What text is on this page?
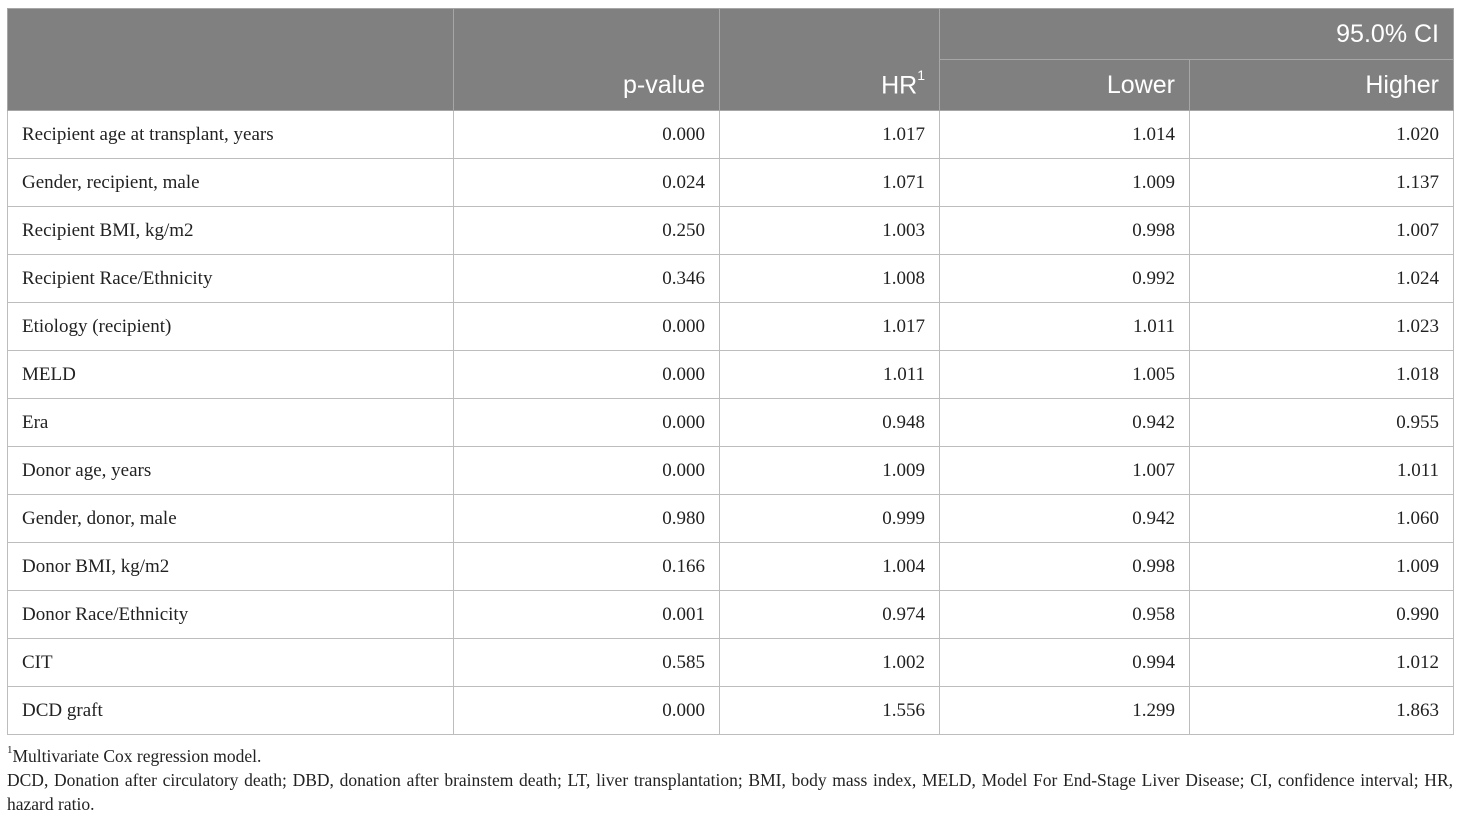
	p-value	$HR^1$	95.0% CI	
			Lower	Higher
Recipient age at transplant, years	0.000	1.017	1.014	1.020
Gender, recipient, male	0.024	1.071	1.009	1.137
Recipient BMI, kg/m2	0.250	1.003	0.998	1.007
Recipient Race/Ethnicity	0.346	1.008	0.992	1.024
Etiology (recipient)	0.000	1.017	1.011	1.023
MELD	0.000	1.011	1.005	1.018
Era	0.000	0.948	0.942	0.955
Donor age, years	0.000	1.009	1.007	1.011
Gender, donor, male	0.980	0.999	0.942	1.060
Donor BMI, kg/m2	0.166	1.004	0.998	1.009
Donor Race/Ethnicity	0.001	0.974	0.958	0.990
CIT	0.585	1.002	0.994	1.012
DCD graft	0.000	1.556	1.299	1.863
$^1$Multivariate Cox regression model.
DCD, Donation after circulatory death; DBD, donation after brainstem death; LT, liver transplantation; BMI, body mass index, MELD, Model For End-Stage Liver Disease; CI, confidence interval; HR, hazard ratio.
